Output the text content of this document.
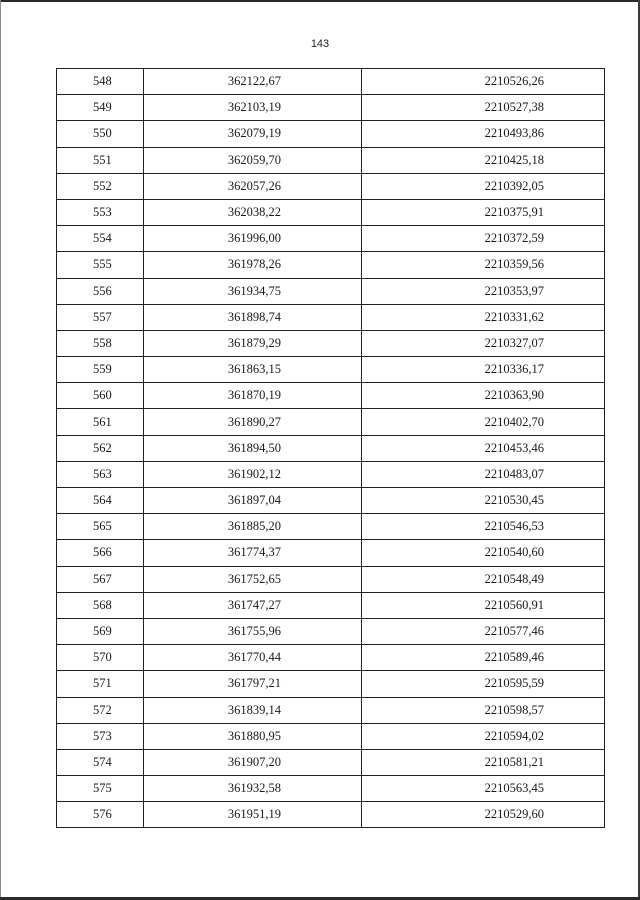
143
548	362122,67	2210526,26
549	362103,19	2210527,38
550	362079,19	2210493,86
551	362059,70	2210425,18
552	362057,26	2210392,05
553	362038,22	2210375,91
554	361996,00	2210372,59
555	361978,26	2210359,56
556	361934,75	2210353,97
557	361898,74	2210331,62
558	361879,29	2210327,07
559	361863,15	2210336,17
560	361870,19	2210363,90
561	361890,27	2210402,70
562	361894,50	2210453,46
563	361902,12	2210483,07
564	361897,04	2210530,45
565	361885,20	2210546,53
566	361774,37	2210540,60
567	361752,65	2210548,49
568	361747,27	2210560,91
569	361755,96	2210577,46
570	361770,44	2210589,46
571	361797,21	2210595,59
572	361839,14	2210598,57
573	361880,95	2210594,02
574	361907,20	2210581,21
575	361932,58	2210563,45
576	361951,19	2210529,60
